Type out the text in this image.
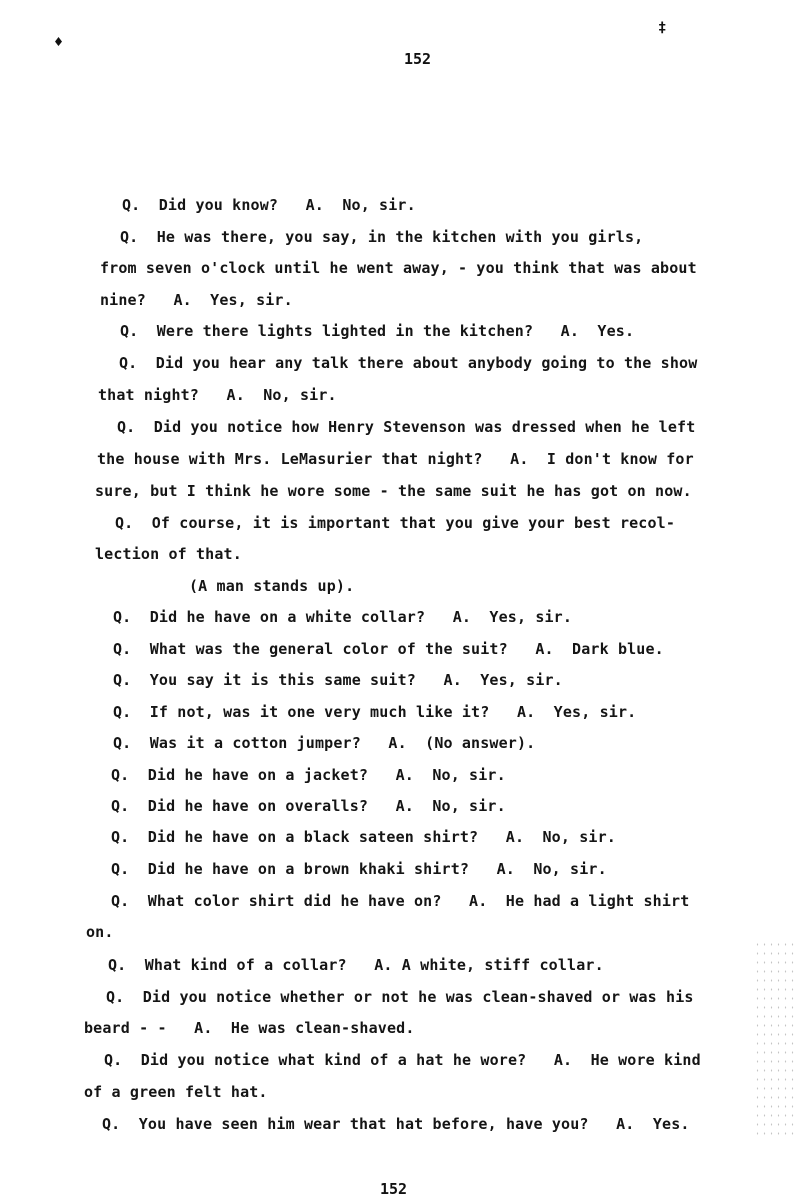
♦
‡
152
Q.  Did you know?   A.  No, sir.
Q.  He was there, you say, in the kitchen with you girls,
from seven o'clock until he went away, - you think that was about
nine?   A.  Yes, sir.
Q.  Were there lights lighted in the kitchen?   A.  Yes.
Q.  Did you hear any talk there about anybody going to the show
that night?   A.  No, sir.
Q.  Did you notice how Henry Stevenson was dressed when he left
the house with Mrs. LeMasurier that night?   A.  I don't know for
sure, but I think he wore some - the same suit he has got on now.
Q.  Of course, it is important that you give your best recol-
lection of that.
(A man stands up).
Q.  Did he have on a white collar?   A.  Yes, sir.
Q.  What was the general color of the suit?   A.  Dark blue.
Q.  You say it is this same suit?   A.  Yes, sir.
Q.  If not, was it one very much like it?   A.  Yes, sir.
Q.  Was it a cotton jumper?   A.  (No answer).
Q.  Did he have on a jacket?   A.  No, sir.
Q.  Did he have on overalls?   A.  No, sir.
Q.  Did he have on a black sateen shirt?   A.  No, sir.
Q.  Did he have on a brown khaki shirt?   A.  No, sir.
Q.  What color shirt did he have on?   A.  He had a light shirt
on.
Q.  What kind of a collar?   A. A white, stiff collar.
Q.  Did you notice whether or not he was clean-shaved or was his
beard - -   A.  He was clean-shaved.
Q.  Did you notice what kind of a hat he wore?   A.  He wore kind
of a green felt hat.
Q.  You have seen him wear that hat before, have you?   A.  Yes.
152
